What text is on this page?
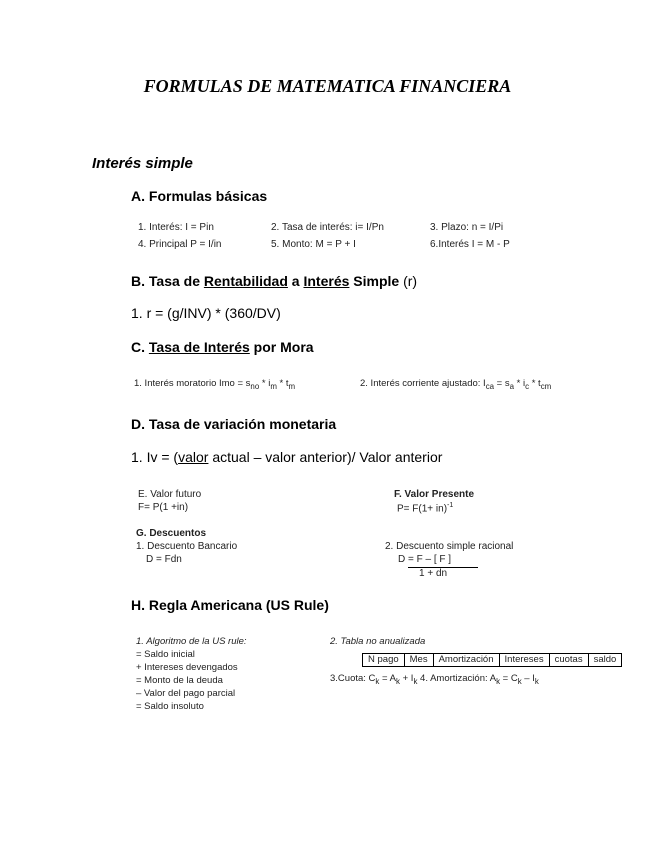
FORMULAS DE MATEMATICA FINANCIERA
Interés simple
A. Formulas básicas
1. Interés: I = Pin	2. Tasa de interés: i= I/Pn	3. Plazo: n = I/Pi
4. Principal P = I/in	5. Monto: M = P + I	6.Interés I = M - P
B. Tasa de Rentabilidad a Interés Simple (r)
1. r = (g/INV) * (360/DV)
C. Tasa de Interés por Mora
1. Interés moratorio Imo = $s_{no} * i_m * t_m$	2. Interés corriente ajustado: $I_{ca} = s_a * i_c * t_{cm}$
D. Tasa de variación monetaria
1. Iv = (valor actual – valor anterior)/ Valor anterior
E. Valor futuro
F= P(1 +in)
F. Valor Presente
P= F(1+ in)$^{-1}$
G. Descuentos
1. Descuento Bancario
D = Fdn
2. Descuento simple racional
D = F – [ F ]
1 + dn
H. Regla Americana (US Rule)
1. Algoritmo de la US rule:
= Saldo inicial
+ Intereses devengados
= Monto de la deuda
– Valor del pago parcial
= Saldo insoluto
2. Tabla no anualizada
N pago	Mes	Amortización	Intereses	cuotas	saldo
3.Cuota: $C_k = A_k + I_k$ 4. Amortización: $A_k = C_k - I_k$
